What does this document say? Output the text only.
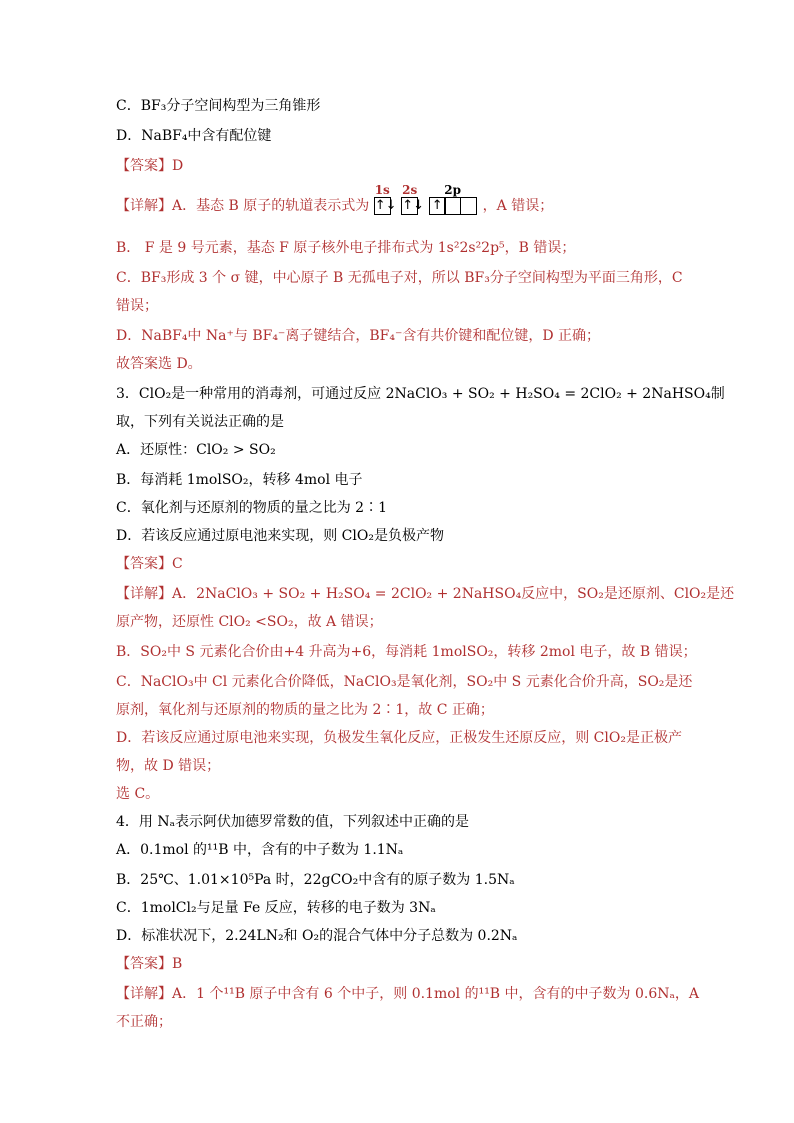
C．BF₃分子空间构型为三角锥形
D．NaBF₄中含有配位键
【答案】D
【详解】A．基态 B 原子的轨道表示式为
1s
↑↓
2s
↑↓
2p
↑	，A 错误；
B． F 是 9 号元素，基态 F 原子核外电子排布式为 1s²2s²2p⁵，B 错误；
C．BF₃形成 3 个 σ 键，中心原子 B 无孤电子对，所以 BF₃分子空间构型为平面三角形，C
错误；
D．NaBF₄中 Na⁺与 BF₄⁻离子键结合，BF₄⁻含有共价键和配位键，D 正确；
故答案选 D。
3．ClO₂是一种常用的消毒剂，可通过反应 2NaClO₃ + SO₂ + H₂SO₄ = 2ClO₂ + 2NaHSO₄制
取，下列有关说法正确的是
A．还原性：ClO₂ > SO₂
B．每消耗 1molSO₂，转移 4mol 电子
C．氧化剂与还原剂的物质的量之比为 2∶1
D．若该反应通过原电池来实现，则 ClO₂是负极产物
【答案】C
【详解】A．2NaClO₃ + SO₂ + H₂SO₄ = 2ClO₂ + 2NaHSO₄反应中，SO₂是还原剂、ClO₂是还
原产物，还原性 ClO₂ <SO₂，故 A 错误；
B．SO₂中 S 元素化合价由+4 升高为+6，每消耗 1molSO₂，转移 2mol 电子，故 B 错误；
C．NaClO₃中 Cl 元素化合价降低，NaClO₃是氧化剂，SO₂中 S 元素化合价升高，SO₂是还
原剂，氧化剂与还原剂的物质的量之比为 2∶1，故 C 正确；
D．若该反应通过原电池来实现，负极发生氧化反应，正极发生还原反应，则 ClO₂是正极产
物，故 D 错误；
选 C。
4．用 Nₐ表示阿伏加德罗常数的值，下列叙述中正确的是
A．0.1mol 的¹¹B 中，含有的中子数为 1.1Nₐ
B．25℃、1.01×10⁵Pa 时，22gCO₂中含有的原子数为 1.5Nₐ
C．1molCl₂与足量 Fe 反应，转移的电子数为 3Nₐ
D．标准状况下，2.24LN₂和 O₂的混合气体中分子总数为 0.2Nₐ
【答案】B
【详解】A．1 个¹¹B 原子中含有 6 个中子，则 0.1mol 的¹¹B 中，含有的中子数为 0.6Nₐ，A
不正确；
